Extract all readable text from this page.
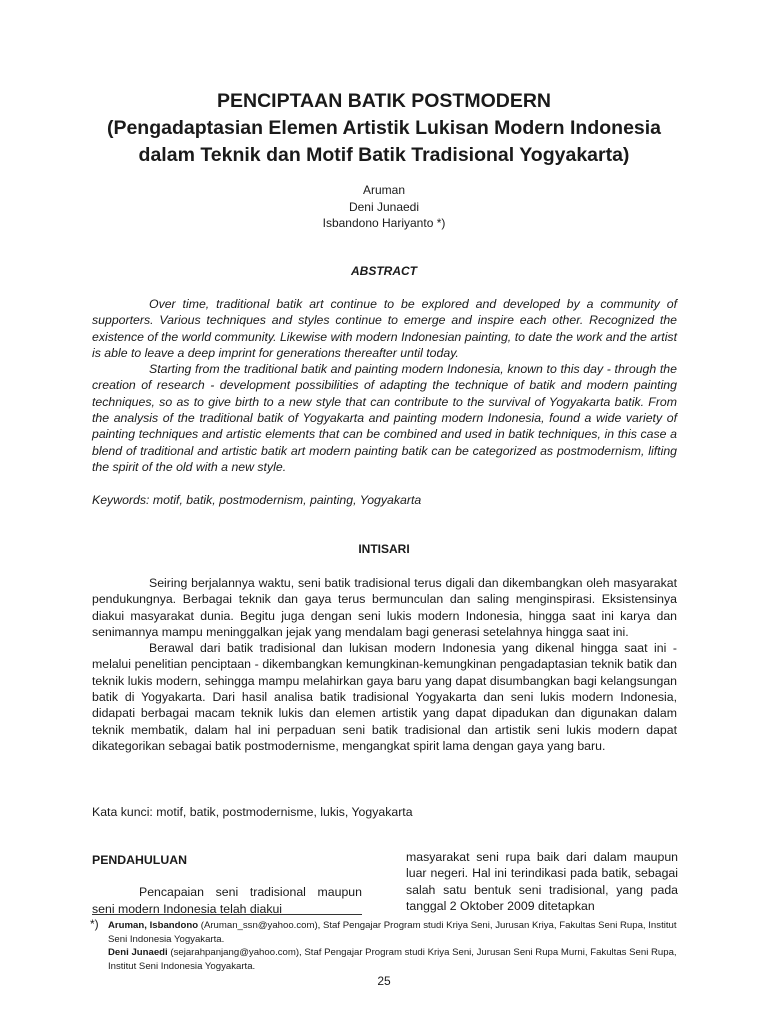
PENCIPTAAN BATIK POSTMODERN
(Pengadaptasian Elemen Artistik Lukisan Modern Indonesia
dalam Teknik dan Motif Batik Tradisional Yogyakarta)
Aruman
Deni Junaedi
Isbandono Hariyanto *)
ABSTRACT

Over time, traditional batik art continue to be explored and developed by a community of supporters. Various techniques and styles continue to emerge and inspire each other. Recognized the existence of the world community. Likewise with modern Indonesian painting, to date the work and the artist is able to leave a deep imprint for generations thereafter until today.

Starting from the traditional batik and painting modern Indonesia, known to this day - through the creation of research - development possibilities of adapting the technique of batik and modern painting techniques, so as to give birth to a new style that can contribute to the survival of Yogyakarta batik. From the analysis of the traditional batik of Yogyakarta and painting modern Indonesia, found a wide variety of painting techniques and artistic elements that can be combined and used in batik techniques, in this case a blend of traditional and artistic batik art modern painting batik can be categorized as postmodernism, lifting the spirit of the old with a new style.

Keywords: motif, batik, postmodernism, painting, Yogyakarta
INTISARI

Seiring berjalannya waktu, seni batik tradisional terus digali dan dikembangkan oleh masyarakat pendukungnya. Berbagai teknik dan gaya terus bermunculan dan saling menginspirasi. Eksistensinya diakui masyarakat dunia. Begitu juga dengan seni lukis modern Indonesia, hingga saat ini karya dan senimannya mampu meninggalkan jejak yang mendalam bagi generasi setelahnya hingga saat ini.

Berawal dari batik tradisional dan lukisan modern Indonesia yang dikenal hingga saat ini - melalui penelitian penciptaan - dikembangkan kemungkinan-kemungkinan pengadaptasian teknik batik dan teknik lukis modern, sehingga mampu melahirkan gaya baru yang dapat disumbangkan bagi kelangsungan batik di Yogyakarta. Dari hasil analisa batik tradisional Yogyakarta dan seni lukis modern Indonesia, didapati berbagai macam teknik lukis dan elemen artistik yang dapat dipadukan dan digunakan dalam teknik membatik, dalam hal ini perpaduan seni batik tradisional dan artistik seni lukis modern dapat dikategorikan sebagai batik postmodernisme, mengangkat spirit lama dengan gaya yang baru.

Kata kunci: motif, batik, postmodernisme, lukis, Yogyakarta
PENDAHULUAN

Pencapaian seni tradisional maupun seni modern Indonesia telah diakui

masyarakat seni rupa baik dari dalam maupun luar negeri. Hal ini terindikasi pada batik, sebagai salah satu bentuk seni tradisional, yang pada tanggal 2 Oktober 2009 ditetapkan
*) Aruman, Isbandono (Aruman_ssn@yahoo.com), Staf Pengajar Program studi Kriya Seni, Jurusan Kriya, Fakultas Seni Rupa, Institut Seni Indonesia Yogyakarta.
Deni Junaedi (sejarahpanjang@yahoo.com), Staf Pengajar Program studi Kriya Seni, Jurusan Seni Rupa Murni, Fakultas Seni Rupa, Institut Seni Indonesia Yogyakarta.
25
